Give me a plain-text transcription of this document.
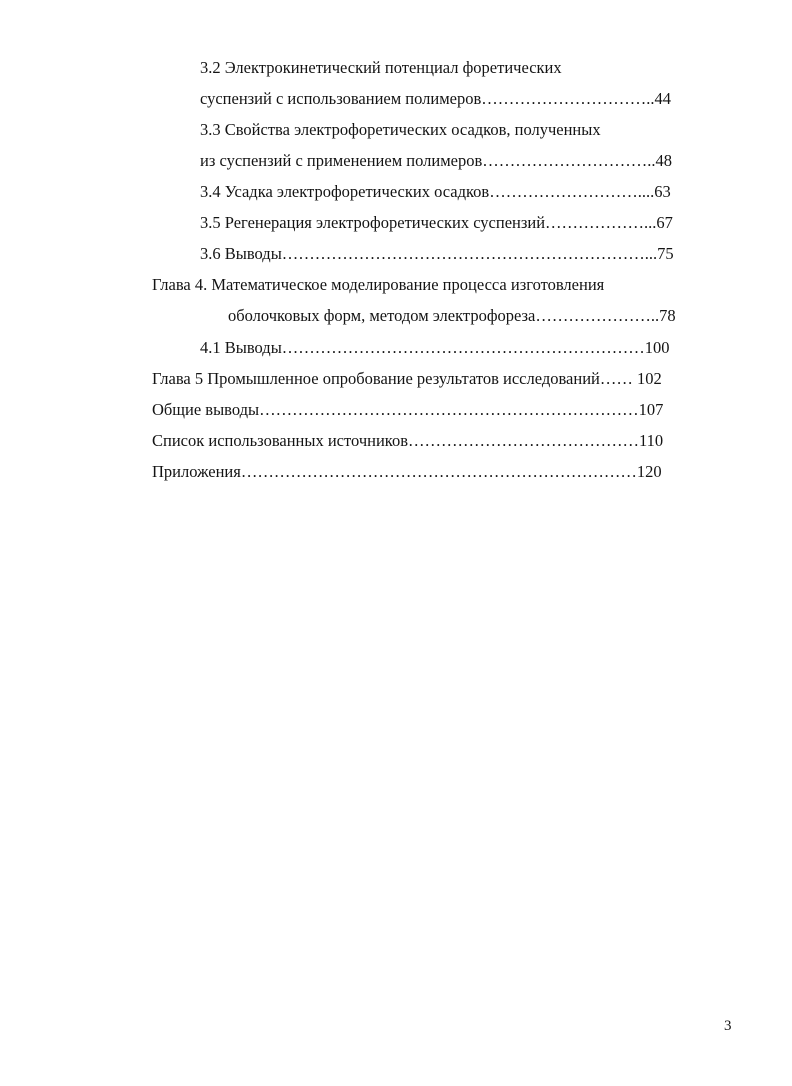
3.2 Электрокинетический потенциал форетических
суспензий с использованием полимеров…………………………..44
3.3 Свойства электрофоретических осадков, полученных
из суспензий с применением полимеров…………………………..48
3.4 Усадка электрофоретических осадков………………………....63
3.5 Регенерация электрофоретических суспензий………………...67
3.6 Выводы…………………………………………………………...75
Глава 4. Математическое моделирование процесса изготовления
оболочковых форм, методом электрофореза…………………..78
4.1 Выводы…………………………………………………………100
Глава 5 Промышленное опробование результатов исследований…… 102
Общие выводы……………………………………………………………107
Список использованных источников……………………………………110
Приложения………………………………………………………………120
3
